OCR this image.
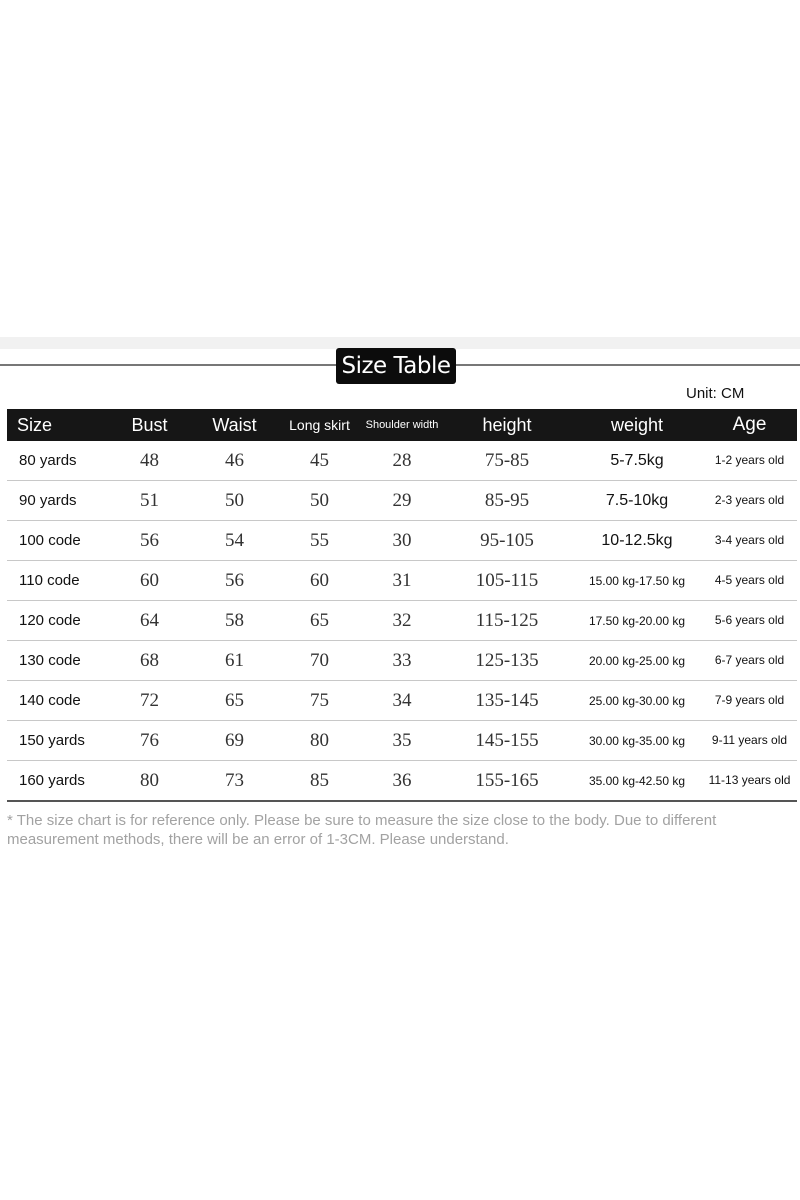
Size Table
Unit: CM
Size	Bust	Waist	Long skirt	Shoulder width	height	weight	Age
80 yards	48	46	45	28	75-85	5-7.5kg	1-2 years old
90 yards	51	50	50	29	85-95	7.5-10kg	2-3 years old
100 code	56	54	55	30	95-105	10-12.5kg	3-4 years old
110 code	60	56	60	31	105-115	15.00 kg-17.50 kg	4-5 years old
120 code	64	58	65	32	115-125	17.50 kg-20.00 kg	5-6 years old
130 code	68	61	70	33	125-135	20.00 kg-25.00 kg	6-7 years old
140 code	72	65	75	34	135-145	25.00 kg-30.00 kg	7-9 years old
150 yards	76	69	80	35	145-155	30.00 kg-35.00 kg	9-11 years old
160 yards	80	73	85	36	155-165	35.00 kg-42.50 kg	11-13 years old
* The size chart is for reference only. Please be sure to measure the size close to the body. Due to different measurement methods, there will be an error of 1-3CM. Please understand.
